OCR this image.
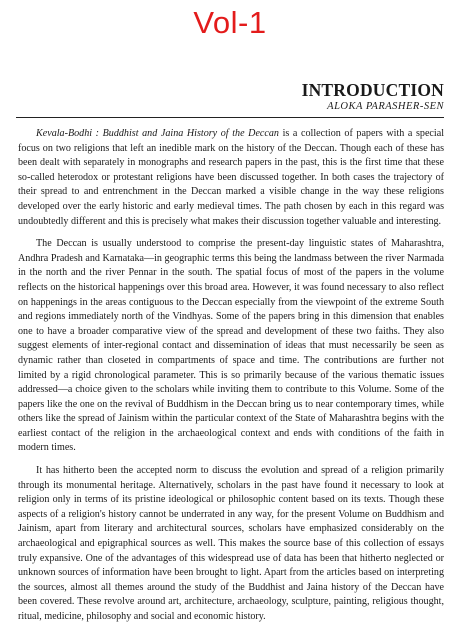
Vol-1
INTRODUCTION
ALOKA PARASHER-SEN

Kevala-Bodhi : Buddhist and Jaina History of the Deccan is a collection of papers with a special focus on two religions that left an inedible mark on the history of the Deccan. Though each of these has been dealt with separately in monographs and research papers in the past, this is the first time that these so-called heterodox or protestant religions have been discussed together. In both cases the trajectory of their spread to and entrenchment in the Deccan marked a visible change in the way these religions developed over the early historic and early medieval times. The path chosen by each in this regard was undoubtedly different and this is precisely what makes their discussion together valuable and interesting.

The Deccan is usually understood to comprise the present-day linguistic states of Maharashtra, Andhra Pradesh and Karnataka—in geographic terms this being the landmass between the river Narmada in the north and the river Pennar in the south. The spatial focus of most of the papers in the volume reflects on the historical happenings over this broad area. However, it was found necessary to also reflect on happenings in the areas contiguous to the Deccan especially from the viewpoint of the extreme South and regions immediately north of the Vindhyas. Some of the papers bring in this dimension that enables one to have a broader comparative view of the spread and development of these two faiths. They also suggest elements of inter-regional contact and dissemination of ideas that must necessarily be seen as dynamic rather than closeted in compartments of space and time. The contributions are further not limited by a rigid chronological parameter. This is so primarily because of the various thematic issues addressed—a choice given to the scholars while inviting them to contribute to this Volume. Some of the papers like the one on the revival of Buddhism in the Deccan bring us to near contemporary times, while others like the spread of Jainism within the particular context of the State of Maharashtra begins with the earliest contact of the religion in the archaeological context and ends with conditions of the faith in modern times.

It has hitherto been the accepted norm to discuss the evolution and spread of a religion primarily through its monumental heritage. Alternatively, scholars in the past have found it necessary to look at religion only in terms of its pristine ideological or philosophic content based on its texts. Though these aspects of a religion's history cannot be underrated in any way, for the present Volume on Buddhism and Jainism, apart from literary and architectural sources, scholars have emphasized considerably on the archaeological and epigraphical sources as well. This makes the source base of this collection of essays truly expansive. One of the advantages of this widespread use of data has been that hitherto neglected or unknown sources of information have been brought to light. Apart from the articles based on interpreting the sources, almost all themes around the study of the Buddhist and Jaina history of the Deccan have been covered. These revolve around art, architecture, archaeology, sculpture, painting, religious thought, ritual, medicine, philosophy and social and economic history.
